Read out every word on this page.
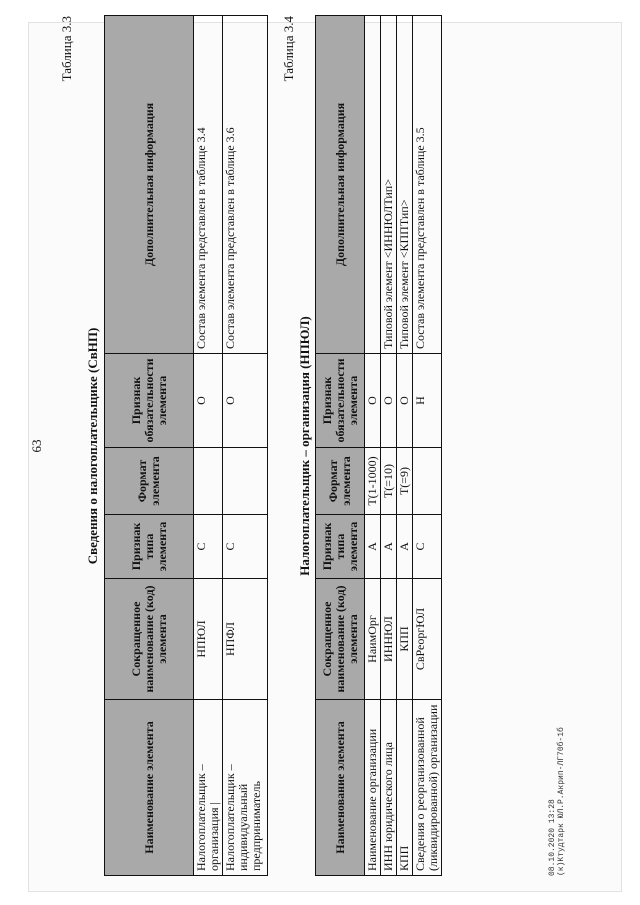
63
Таблица 3.3
Сведения о налогоплательщике (СвНП)
Наименование элемента	Сокращенное наименование (код) элемента	Признак типа элемента	Формат элемента	Признак обязательности элемента	Дополнительная информация
Налогоплательщик – организация |	НПЮЛ	С		О	Состав элемента представлен в таблице 3.4
Налогоплательщик – индивидуальный предприниматель	НПФЛ	С		О	Состав элемента представлен в таблице 3.6
Таблица 3.4
Налогоплательщик – организация (НПЮЛ)
Наименование элемента	Сокращенное наименование (код) элемента	Признак типа элемента	Формат элемента	Признак обязательности элемента	Дополнительная информация
Наименование организации	НаимОрг	А	T(1-1000)	О	
ИНН юридического лица	ИННЮЛ	А	T(=10)	О	Типовой элемент <ИННЮЛТип>
КПП	КПП	А	T(=9)	О	Типовой элемент <КППТип>
Сведения о реорганизованной (ликвидированной) организации	СвРеоргЮЛ	С		Н	Состав элемента представлен в таблице 3.5
08.10.2020 13:28 (к)Ктудтарк ЮЛ.Р.Акрип-ЛГ70б-1б
